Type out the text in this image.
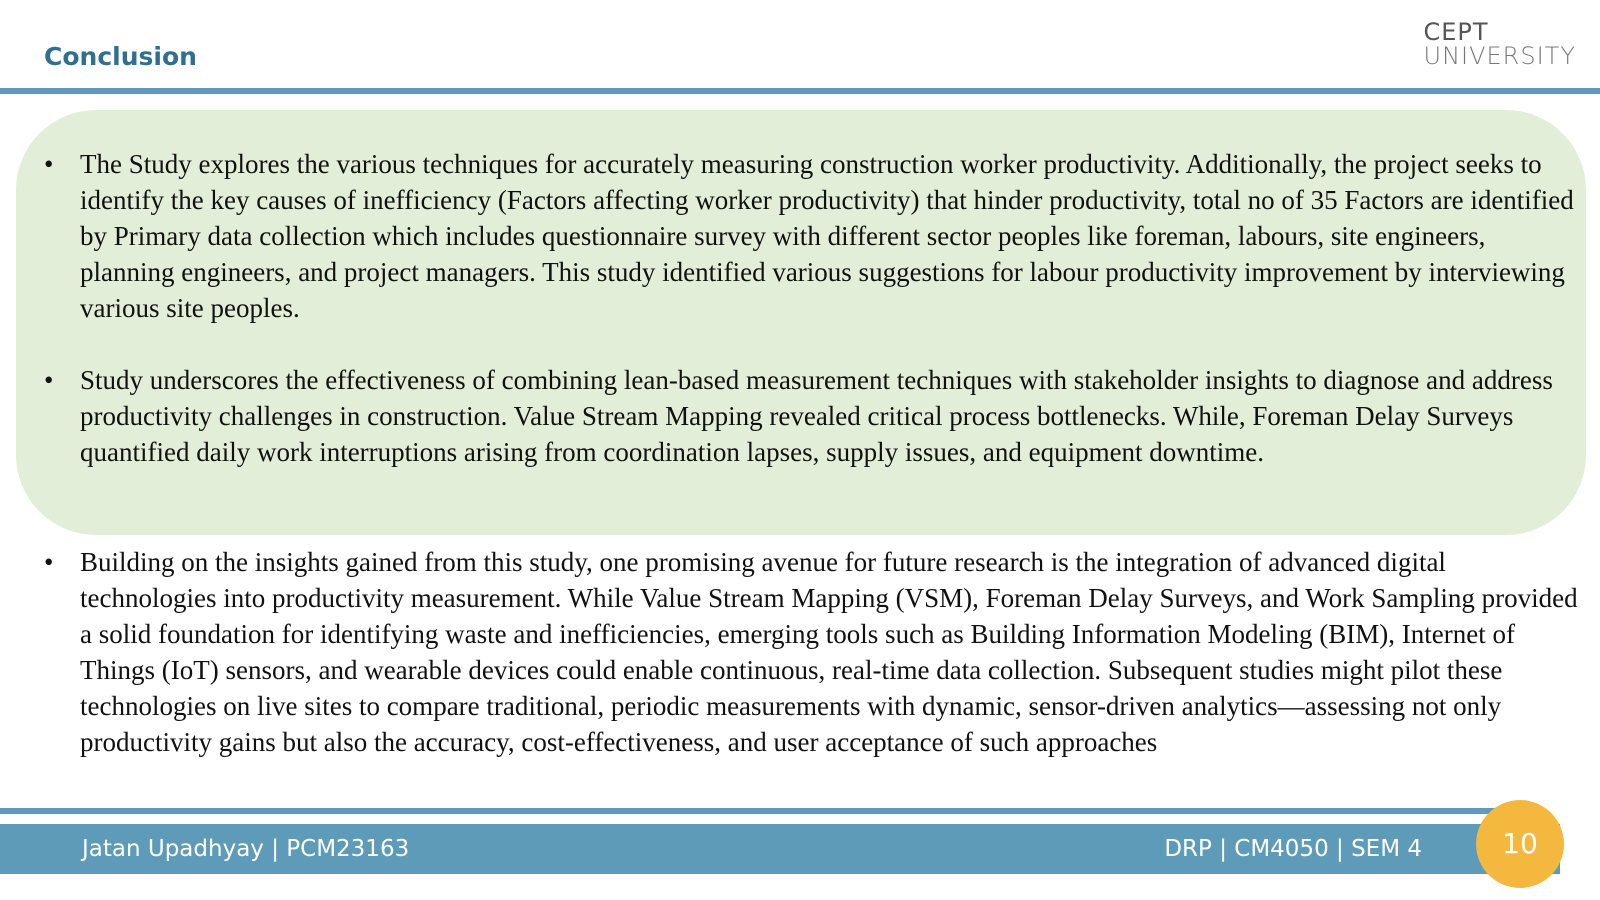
Conclusion
CEPT
UNIVERSITY
• The Study explores the various techniques for accurately measuring construction worker productivity. Additionally, the project seeks to identify the key causes of inefficiency (Factors affecting worker productivity) that hinder productivity, total no of 35 Factors are identified by Primary data collection which includes questionnaire survey with different sector peoples like foreman, labours, site engineers, planning engineers, and project managers. This study identified various suggestions for labour productivity improvement by interviewing various site peoples.
• Study underscores the effectiveness of combining lean-based measurement techniques with stakeholder insights to diagnose and address productivity challenges in construction. Value Stream Mapping revealed critical process bottlenecks. While, Foreman Delay Surveys quantified daily work interruptions arising from coordination lapses, supply issues, and equipment downtime.
• Building on the insights gained from this study, one promising avenue for future research is the integration of advanced digital technologies into productivity measurement. While Value Stream Mapping (VSM), Foreman Delay Surveys, and Work Sampling provided a solid foundation for identifying waste and inefficiencies, emerging tools such as Building Information Modeling (BIM), Internet of Things (IoT) sensors, and wearable devices could enable continuous, real-time data collection. Subsequent studies might pilot these technologies on live sites to compare traditional, periodic measurements with dynamic, sensor-driven analytics—assessing not only productivity gains but also the accuracy, cost-effectiveness, and user acceptance of such approaches
Jatan Upadhyay | PCM23163	DRP | CM4050 | SEM 4	10
